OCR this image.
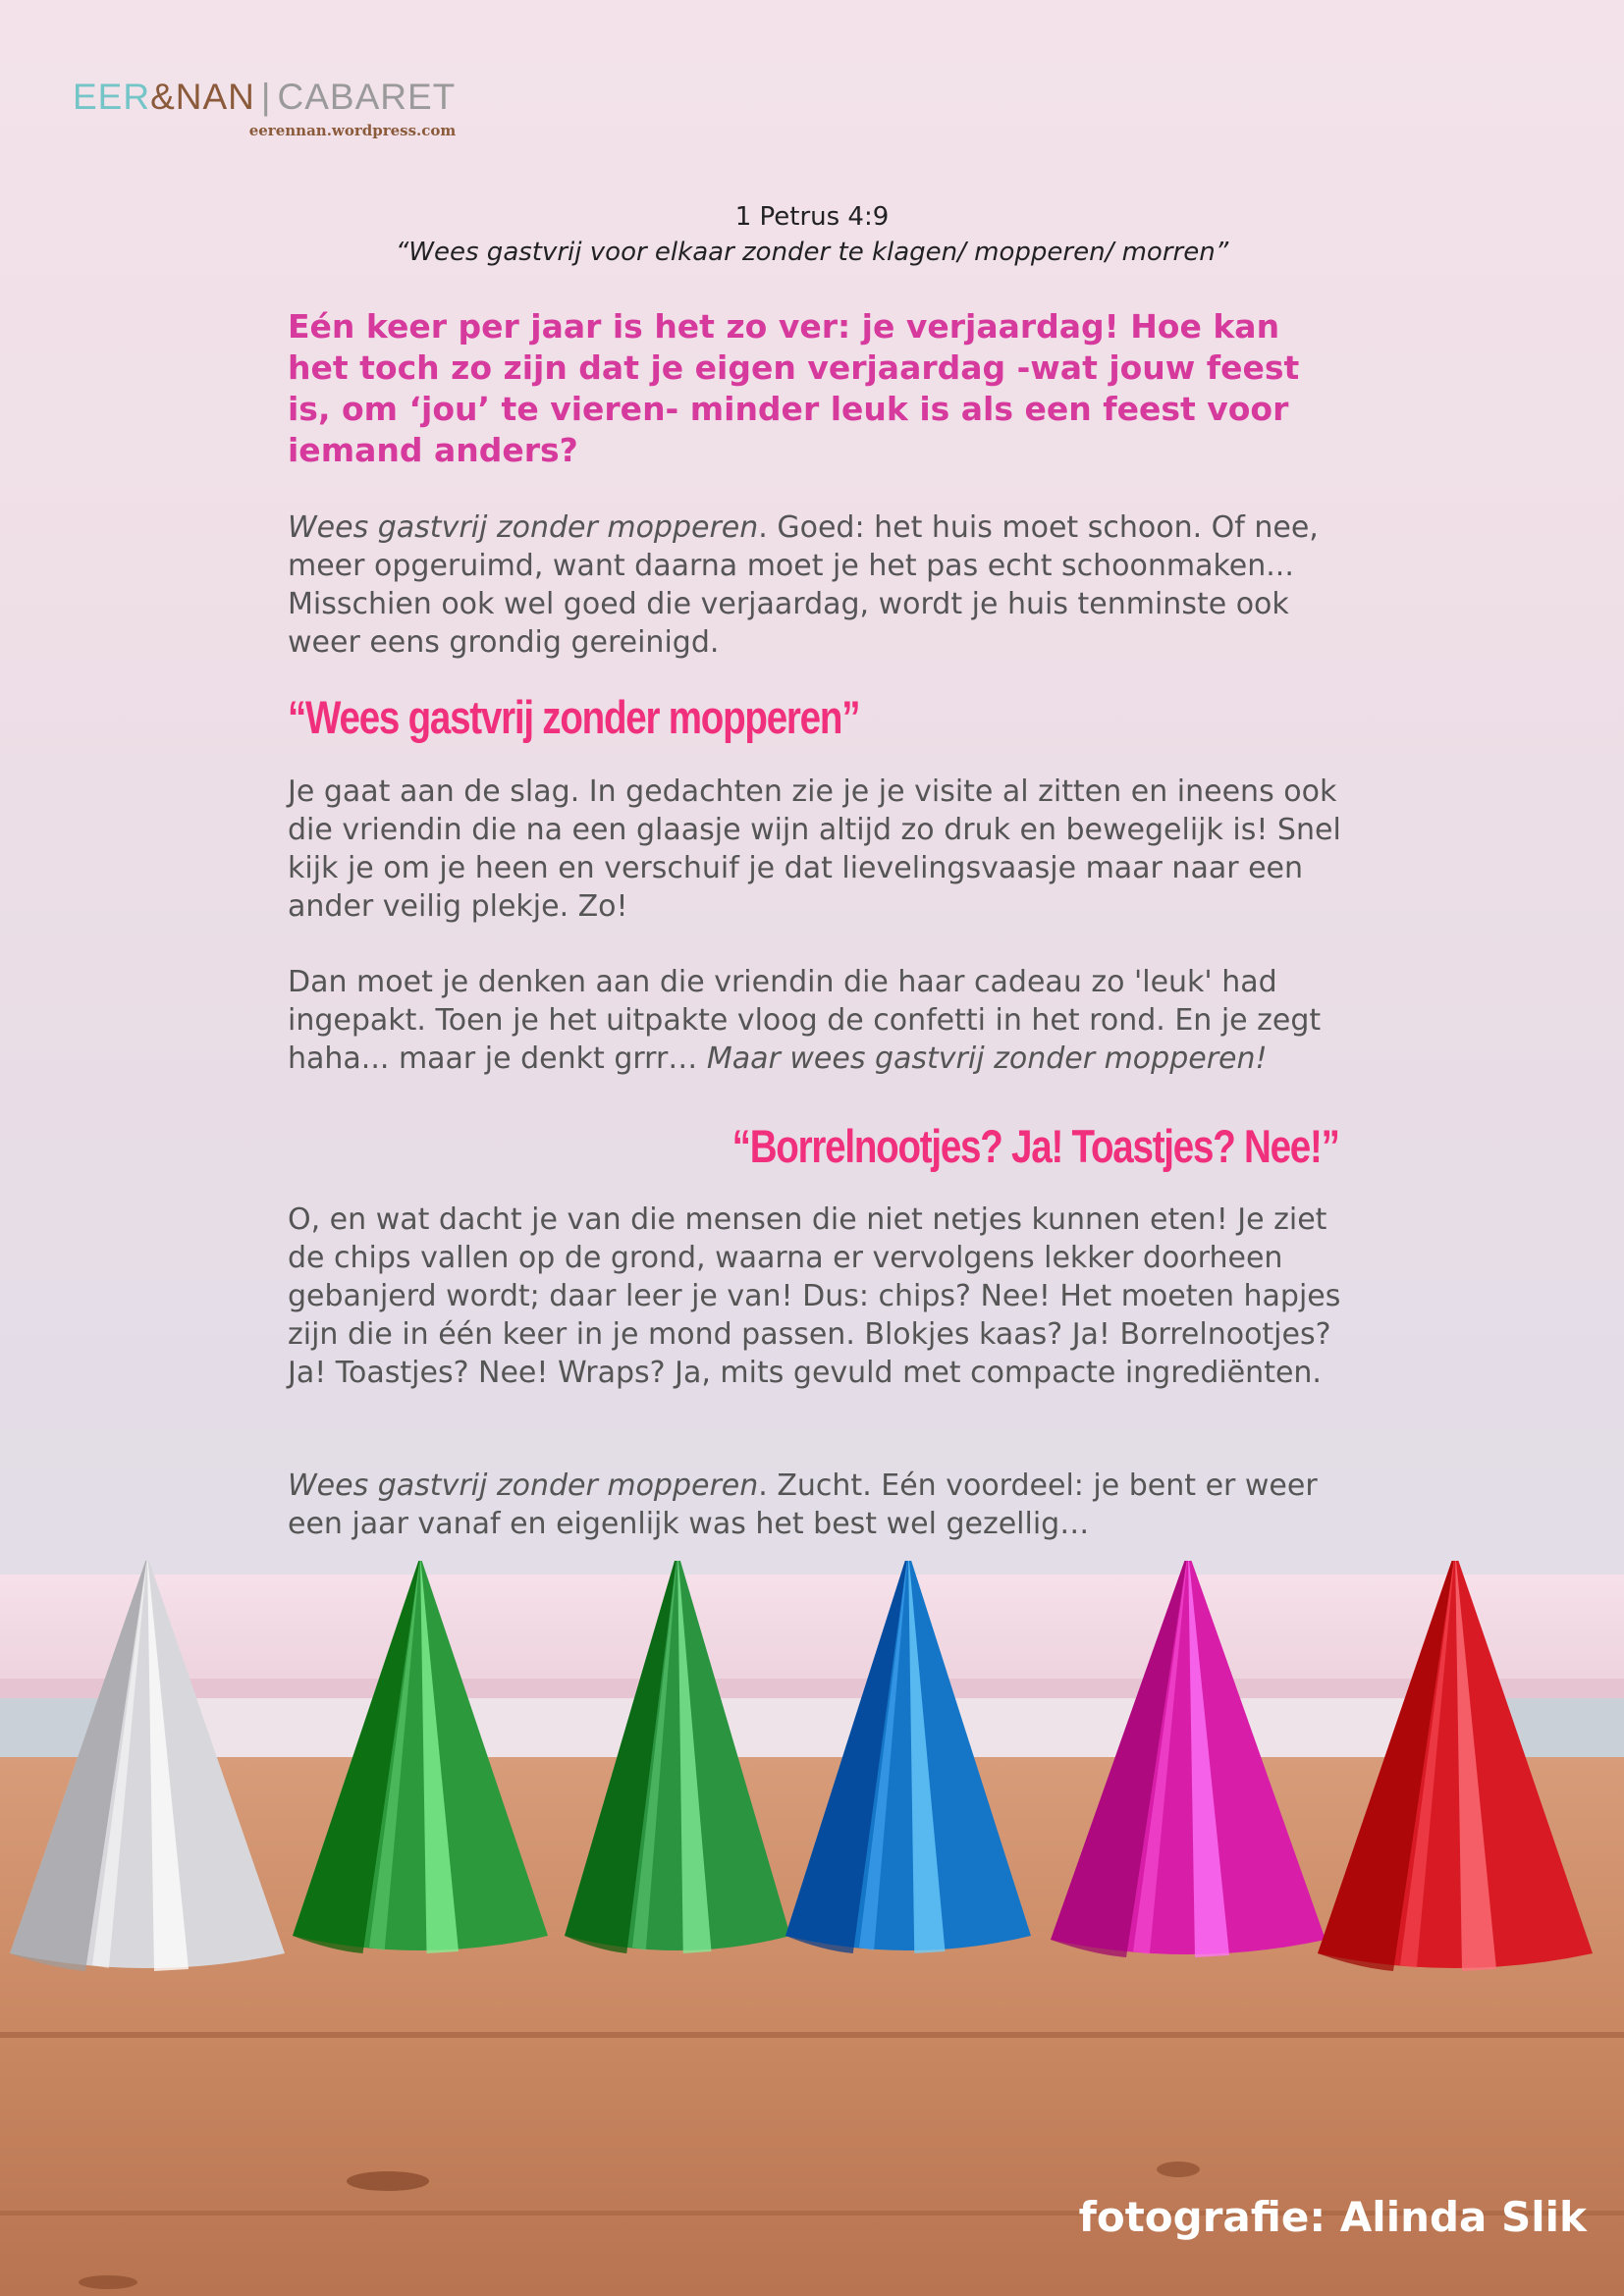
EER&NAN | CABARET
eerennan.wordpress.com
1 Petrus 4:9
“Wees gastvrij voor elkaar zonder te klagen/ mopperen/ morren”
Eén keer per jaar is het zo ver: je verjaardag! Hoe kan het toch zo zijn dat je eigen verjaardag -wat jouw feest is, om ‘jou’ te vieren- minder leuk is als een feest voor iemand anders?
Wees gastvrij zonder mopperen. Goed: het huis moet schoon. Of nee, meer opgeruimd, want daarna moet je het pas echt schoonmaken... Misschien ook wel goed die verjaardag, wordt je huis tenminste ook weer eens grondig gereinigd.
“Wees gastvrij zonder mopperen”
Je gaat aan de slag. In gedachten zie je je visite al zitten en ineens ook die vriendin die na een glaasje wijn altijd zo druk en bewegelijk is! Snel kijk je om je heen en verschuif je dat lievelingsvaasje maar naar een ander veilig plekje. Zo!
Dan moet je denken aan die vriendin die haar cadeau zo 'leuk' had ingepakt. Toen je het uitpakte vloog de confetti in het rond. En je zegt haha... maar je denkt grrr… Maar wees gastvrij zonder mopperen!
“Borrelnootjes? Ja! Toastjes? Nee!”
O, en wat dacht je van die mensen die niet netjes kunnen eten! Je ziet de chips vallen op de grond, waarna er vervolgens lekker doorheen gebanjerd wordt; daar leer je van! Dus: chips? Nee! Het moeten hapjes zijn die in één keer in je mond passen. Blokjes kaas? Ja! Borrelnootjes? Ja! Toastjes? Nee! Wraps? Ja, mits gevuld met compacte ingrediënten.
Wees gastvrij zonder mopperen. Zucht. Eén voordeel: je bent er weer een jaar vanaf en eigenlijk was het best wel gezellig…
fotografie: Alinda Slik
